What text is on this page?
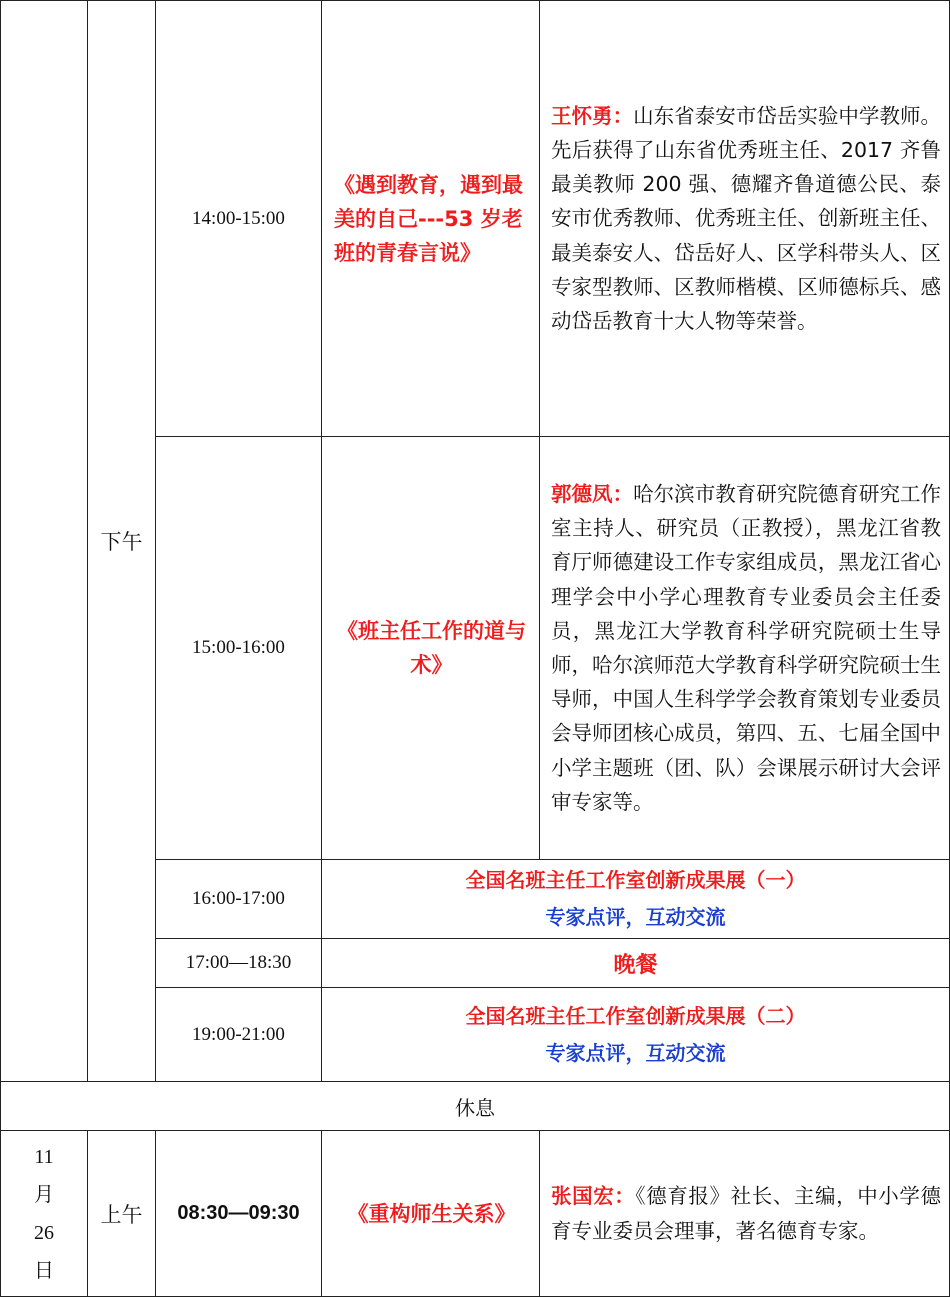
	下午	14:00-15:00	《遇到教育，遇到最美的自己---53 岁老班的青春言说》	王怀勇：山东省泰安市岱岳实验中学教师。先后获得了山东省优秀班主任、2017 齐鲁最美教师 200 强、德耀齐鲁道德公民、泰安市优秀教师、优秀班主任、创新班主任、最美泰安人、岱岳好人、区学科带头人、区专家型教师、区教师楷模、区师德标兵、感动岱岳教育十大人物等荣誉。
		15:00-16:00	《班主任工作的道与术》	郭德凤：哈尔滨市教育研究院德育研究工作室主持人、研究员（正教授），黑龙江省教育厅师德建设工作专家组成员，黑龙江省心理学会中小学心理教育专业委员会主任委员，黑龙江大学教育科学研究院硕士生导师，哈尔滨师范大学教育科学研究院硕士生导师，中国人生科学学会教育策划专业委员会导师团核心成员，第四、五、七届全国中小学主题班（团、队）会课展示研讨大会评审专家等。
		16:00-17:00	全国名班主任工作室创新成果展（一）
专家点评，互动交流	

		17:00—18:30	晚餐	
		19:00-21:00	全国名班主任工作室创新成果展（二）
专家点评，互动交流	

休息				

11
月
26
日	上午	08:30—09:30	《重构师生关系》	张国宏：《德育报》社长、主编，中小学德育专业委员会理事，著名德育专家。
